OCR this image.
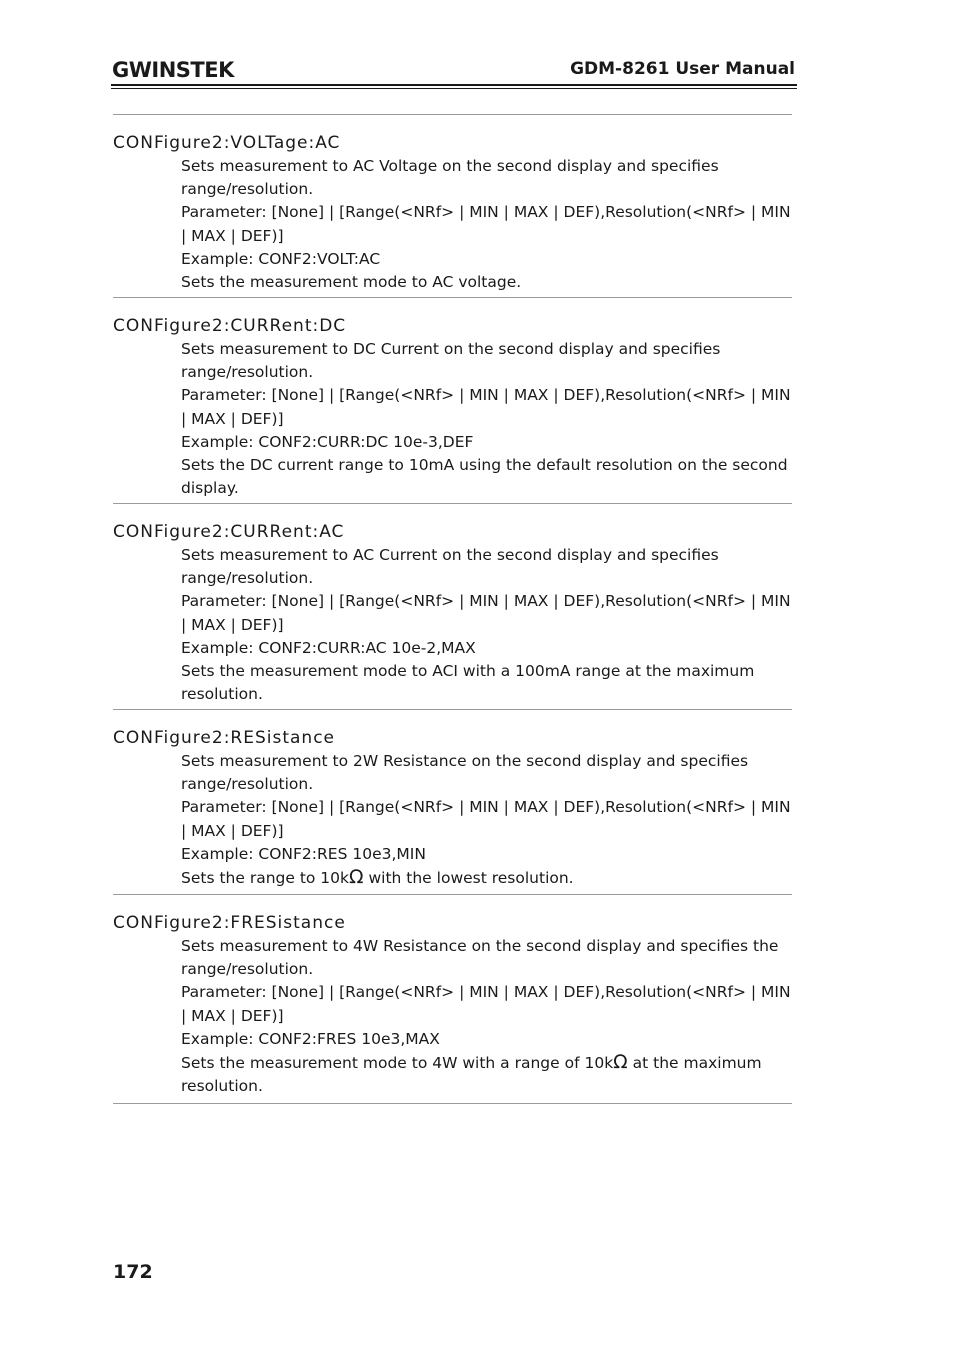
GWINSTEK	GDM-8261 User Manual
CONFigure2:VOLTage:AC

Sets measurement to AC Voltage on the second display and specifies range/resolution.

Parameter: [None] | [Range(<NRf> | MIN | MAX | DEF),Resolution(<NRf> | MIN | MAX | DEF)]

Example: CONF2:VOLT:AC

Sets the measurement mode to AC voltage.

CONFigure2:CURRent:DC

Sets measurement to DC Current on the second display and specifies range/resolution.

Parameter: [None] | [Range(<NRf> | MIN | MAX | DEF),Resolution(<NRf> | MIN | MAX | DEF)]

Example: CONF2:CURR:DC 10e-3,DEF

Sets the DC current range to 10mA using the default resolution on the second display.

CONFigure2:CURRent:AC

Sets measurement to AC Current on the second display and specifies range/resolution.

Parameter: [None] | [Range(<NRf> | MIN | MAX | DEF),Resolution(<NRf> | MIN | MAX | DEF)]

Example: CONF2:CURR:AC 10e-2,MAX

Sets the measurement mode to ACI with a 100mA range at the maximum resolution.

CONFigure2:RESistance

Sets measurement to 2W Resistance on the second display and specifies range/resolution.

Parameter: [None] | [Range(<NRf> | MIN | MAX | DEF),Resolution(<NRf> | MIN | MAX | DEF)]

Example: CONF2:RES 10e3,MIN

Sets the range to 10kΩ with the lowest resolution.

CONFigure2:FRESistance

Sets measurement to 4W Resistance on the second display and specifies the range/resolution.

Parameter: [None] | [Range(<NRf> | MIN | MAX | DEF),Resolution(<NRf> | MIN | MAX | DEF)]

Example: CONF2:FRES 10e3,MAX

Sets the measurement mode to 4W with a range of 10kΩ at the maximum resolution.

172
